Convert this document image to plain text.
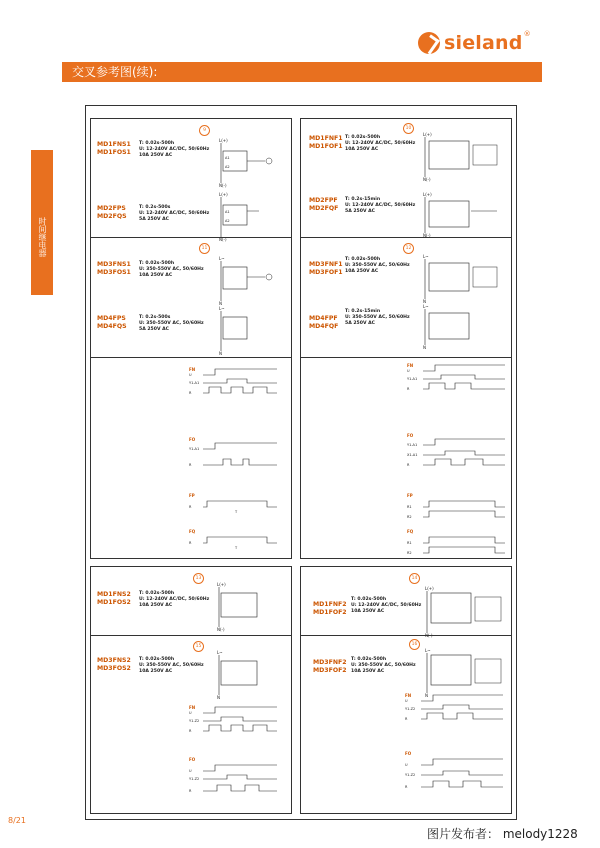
sieland ®
交叉参考图(续):
时间继电器
9
MD1FNS1
MD1FOS1
T: 0.02s-500h
U: 12-240V AC/DC, 50/60Hz
10A 250V AC
L(+)
A1
A2
N(-)
MD2FPS
MD2FQS
T: 0.2s-500s
U: 12-240V AC/DC, 50/60Hz
5A 250V AC
L(+)
A1
A2
N(-)
11
MD3FNS1
MD3FOS1
T: 0.02s-500h
U: 350-550V AC, 50/60Hz
10A 250V AC
L~
N
MD4FPS
MD4FQS
T: 0.2s-500s
U: 350-550V AC, 50/60Hz
5A 250V AC
L~
N
FN
U
Y1-A1
R
FO
Y1-A1
R
FP
R
T
FQ
R
T
10
MD1FNF1
MD1FOF1
T: 0.02s-500h
U: 12-240V AC/DC, 50/60Hz
10A 250V AC
L(+)
N(-)
MD2FPF
MD2FQF
T: 0.2s-15min
U: 12-240V AC/DC, 50/60Hz
5A 250V AC
L(+)
N(-)
12
MD3FNF1
MD3FOF1
T: 0.02s-500h
U: 350-550V AC, 50/60Hz
10A 250V AC
L~
N
MD4FPF
MD4FQF
T: 0.2s-15min
U: 350-550V AC, 50/60Hz
5A 250V AC
L~
N
FN
U
Y1-A1
R
FO
Y1-A1
X1-A1
R
FP
R1
R2
FQ
R1
R2
13
MD1FNS2
MD1FOS2
T: 0.02s-500h
U: 12-240V AC/DC, 50/60Hz
10A 250V AC
L(+)
N(-)
15
MD3FNS2
MD3FOS2
T: 0.02s-500h
U: 350-550V AC, 50/60Hz
10A 250V AC
L~
N
FN
U
Y1-Z2
R
FO
U
Y1-Z2
R
14
MD1FNF2
MD1FOF2
T: 0.02s-500h
U: 12-240V AC/DC, 50/60Hz
10A 250V AC
L(+)
N(-)
16
MD3FNF2
MD3FOF2
T: 0.02s-500h
U: 350-550V AC, 50/60Hz
10A 250V AC
L~
N
FN
U
Y1-Z2
R
FO
U
Y1-Z2
R
8/21
图片发布者： melody1228
